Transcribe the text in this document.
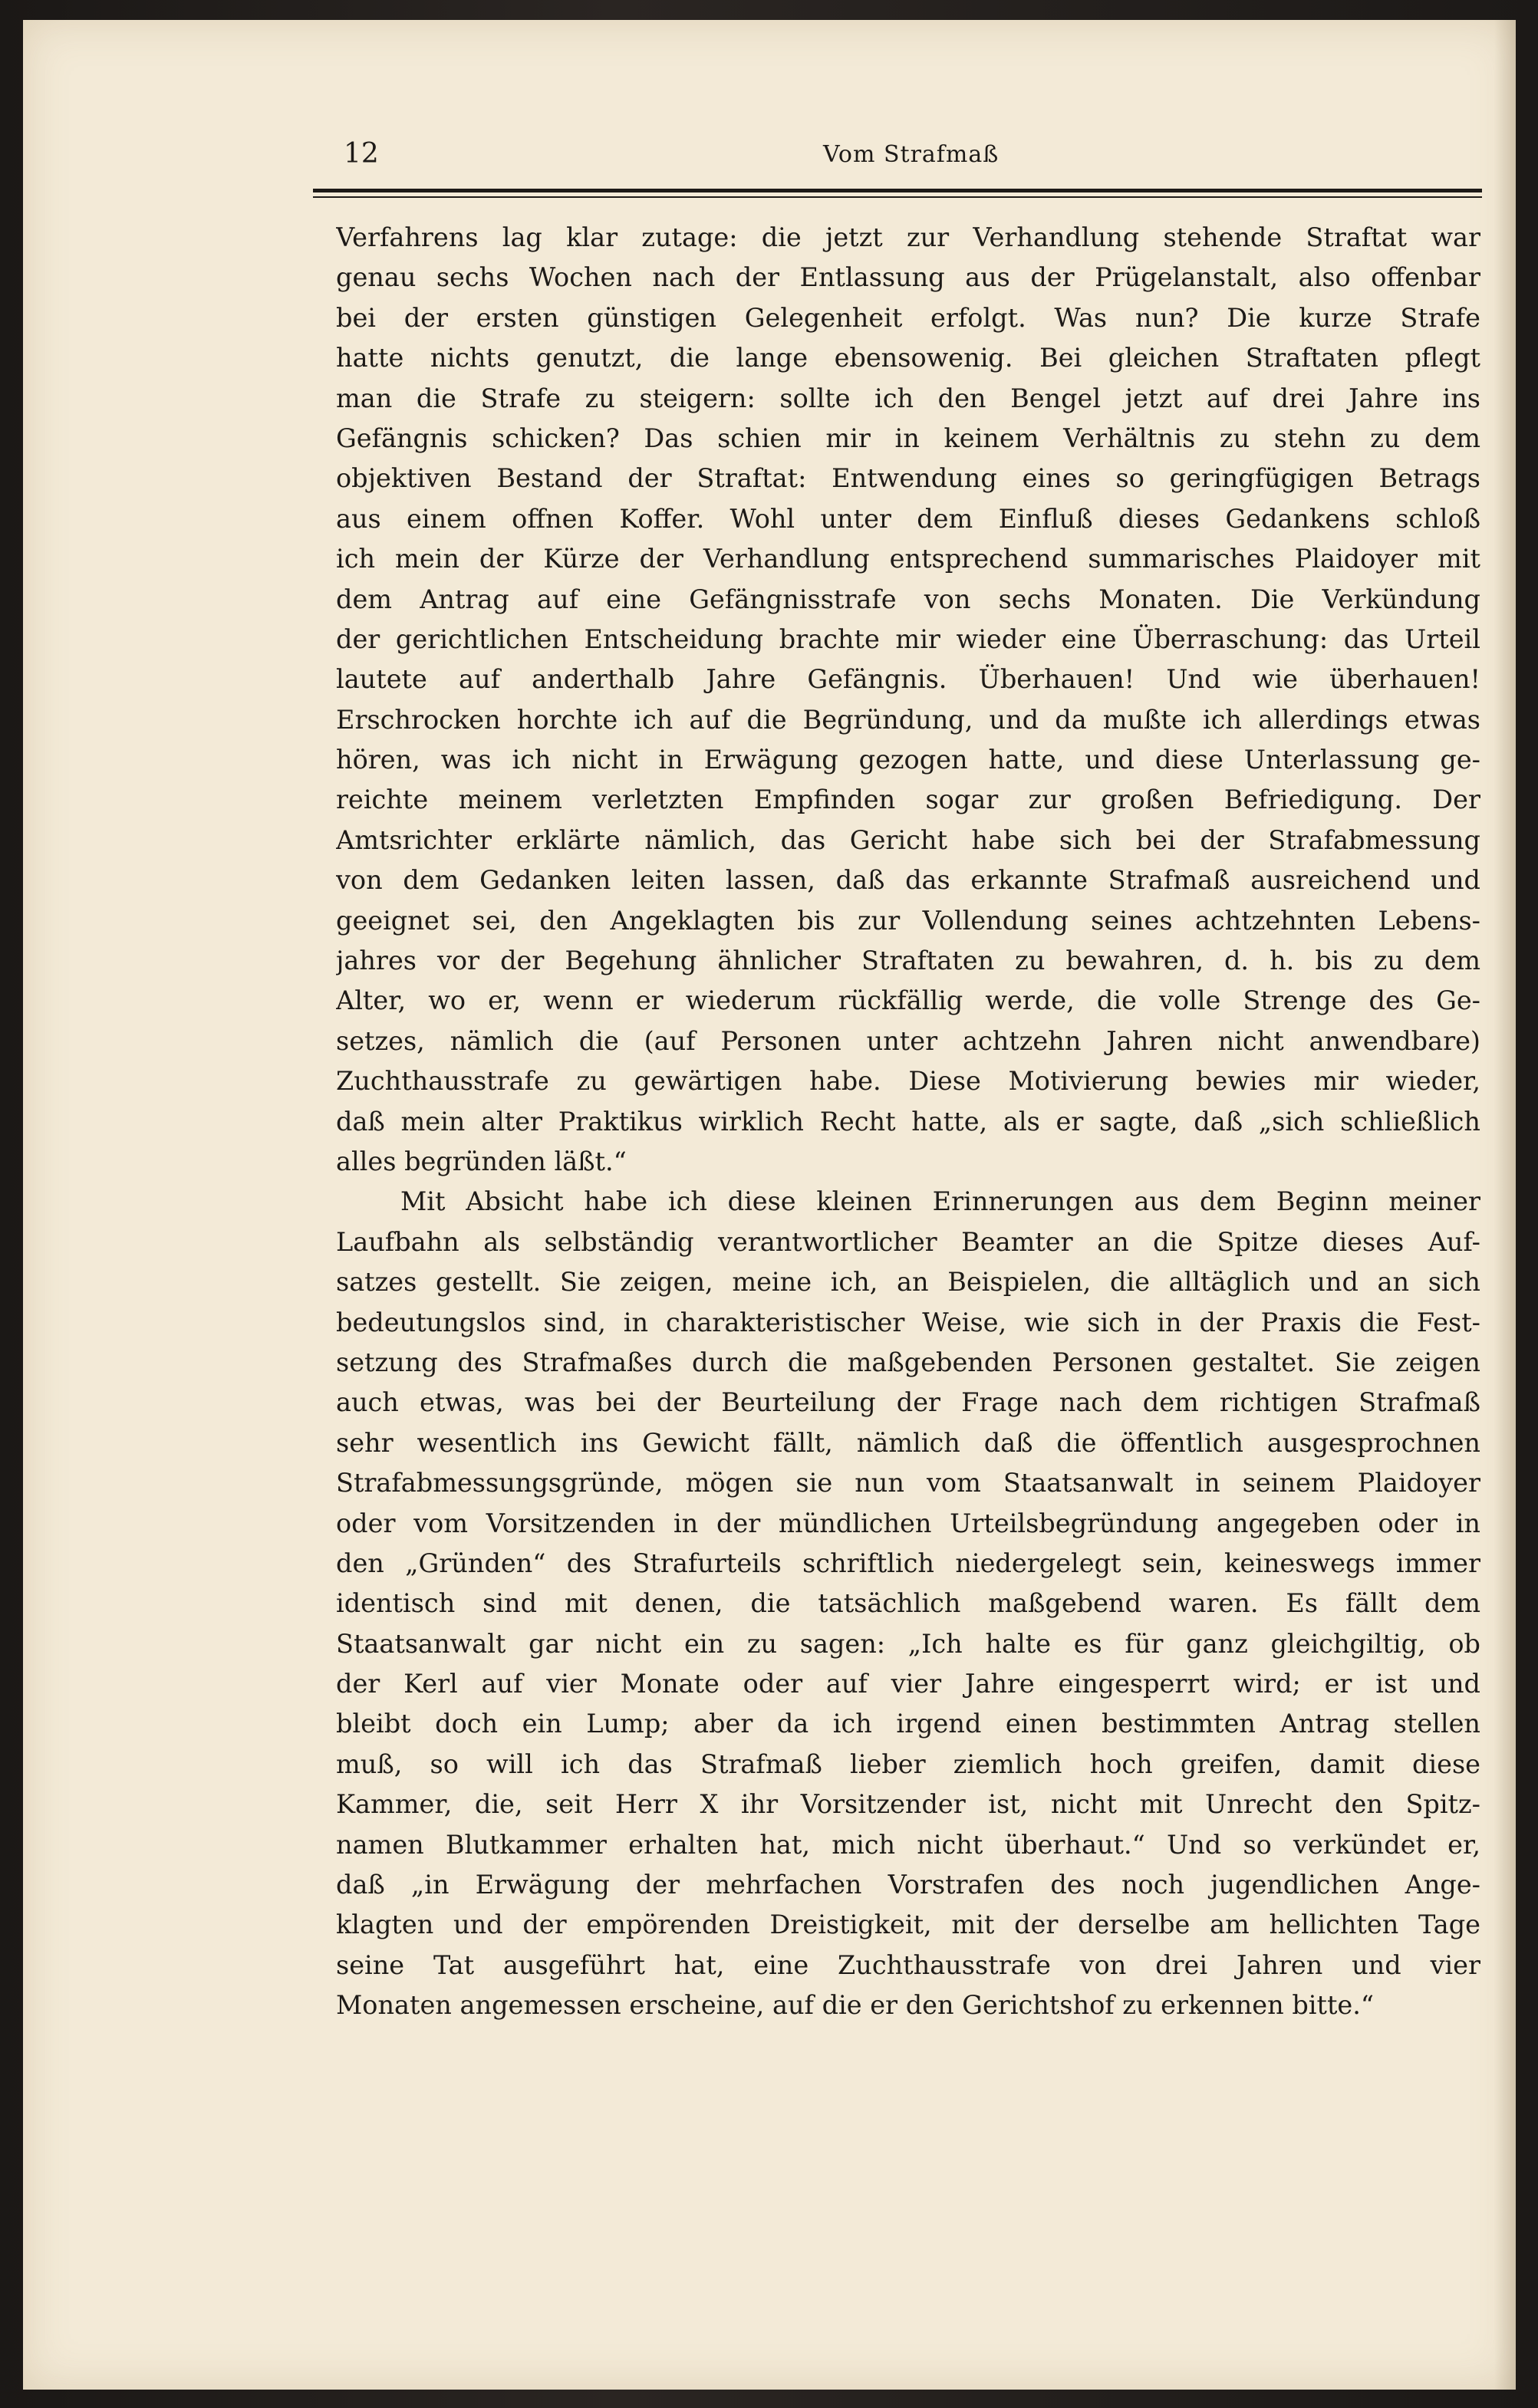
12	Vom Strafmaß

Verfahrens lag klar zutage: die jetzt zur Verhandlung stehende Straftat war
genau sechs Wochen nach der Entlassung aus der Prügelanstalt, also offenbar
bei der ersten günstigen Gelegenheit erfolgt. Was nun? Die kurze Strafe
hatte nichts genutzt, die lange ebensowenig. Bei gleichen Straftaten pflegt
man die Strafe zu steigern: sollte ich den Bengel jetzt auf drei Jahre ins
Gefängnis schicken? Das schien mir in keinem Verhältnis zu stehn zu dem
objektiven Bestand der Straftat: Entwendung eines so geringfügigen Betrags
aus einem offnen Koffer. Wohl unter dem Einfluß dieses Gedankens schloß
ich mein der Kürze der Verhandlung entsprechend summarisches Plaidoyer mit
dem Antrag auf eine Gefängnisstrafe von sechs Monaten. Die Verkündung
der gerichtlichen Entscheidung brachte mir wieder eine Überraschung: das Urteil
lautete auf anderthalb Jahre Gefängnis. Überhauen! Und wie überhauen!
Erschrocken horchte ich auf die Begründung, und da mußte ich allerdings etwas
hören, was ich nicht in Erwägung gezogen hatte, und diese Unterlassung ge-
reichte meinem verletzten Empfinden sogar zur großen Befriedigung. Der
Amtsrichter erklärte nämlich, das Gericht habe sich bei der Strafabmessung
von dem Gedanken leiten lassen, daß das erkannte Strafmaß ausreichend und
geeignet sei, den Angeklagten bis zur Vollendung seines achtzehnten Lebens-
jahres vor der Begehung ähnlicher Straftaten zu bewahren, d. h. bis zu dem
Alter, wo er, wenn er wiederum rückfällig werde, die volle Strenge des Ge-
setzes, nämlich die (auf Personen unter achtzehn Jahren nicht anwendbare)
Zuchthausstrafe zu gewärtigen habe. Diese Motivierung bewies mir wieder,
daß mein alter Praktikus wirklich Recht hatte, als er sagte, daß „sich schließlich
alles begründen läßt.“

Mit Absicht habe ich diese kleinen Erinnerungen aus dem Beginn meiner
Laufbahn als selbständig verantwortlicher Beamter an die Spitze dieses Auf-
satzes gestellt. Sie zeigen, meine ich, an Beispielen, die alltäglich und an sich
bedeutungslos sind, in charakteristischer Weise, wie sich in der Praxis die Fest-
setzung des Strafmaßes durch die maßgebenden Personen gestaltet. Sie zeigen
auch etwas, was bei der Beurteilung der Frage nach dem richtigen Strafmaß
sehr wesentlich ins Gewicht fällt, nämlich daß die öffentlich ausgesprochnen
Strafabmessungsgründe, mögen sie nun vom Staatsanwalt in seinem Plaidoyer
oder vom Vorsitzenden in der mündlichen Urteilsbegründung angegeben oder in
den „Gründen“ des Strafurteils schriftlich niedergelegt sein, keineswegs immer
identisch sind mit denen, die tatsächlich maßgebend waren. Es fällt dem
Staatsanwalt gar nicht ein zu sagen: „Ich halte es für ganz gleichgiltig, ob
der Kerl auf vier Monate oder auf vier Jahre eingesperrt wird; er ist und
bleibt doch ein Lump; aber da ich irgend einen bestimmten Antrag stellen
muß, so will ich das Strafmaß lieber ziemlich hoch greifen, damit diese
Kammer, die, seit Herr X ihr Vorsitzender ist, nicht mit Unrecht den Spitz-
namen Blutkammer erhalten hat, mich nicht überhaut.“ Und so verkündet er,
daß „in Erwägung der mehrfachen Vorstrafen des noch jugendlichen Ange-
klagten und der empörenden Dreistigkeit, mit der derselbe am hellichten Tage
seine Tat ausgeführt hat, eine Zuchthausstrafe von drei Jahren und vier
Monaten angemessen erscheine, auf die er den Gerichtshof zu erkennen bitte.“
